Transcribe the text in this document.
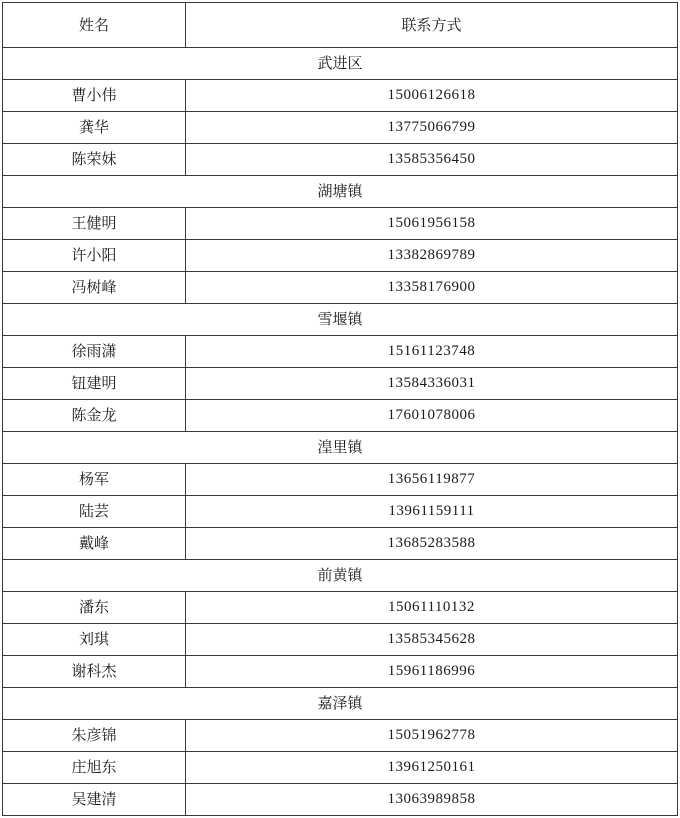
姓名	联系方式
武进区	
曹小伟	15006126618
龚华	13775066799
陈荣妹	13585356450
湖塘镇	
王健明	15061956158
许小阳	13382869789
冯树峰	13358176900
雪堰镇	
徐雨潇	15161123748
钮建明	13584336031
陈金龙	17601078006
湟里镇	
杨军	13656119877
陆芸	13961159111
戴峰	13685283588
前黄镇	
潘东	15061110132
刘琪	13585345628
谢科杰	15961186996
嘉泽镇	
朱彦锦	15051962778
庄旭东	13961250161
吴建清	13063989858
